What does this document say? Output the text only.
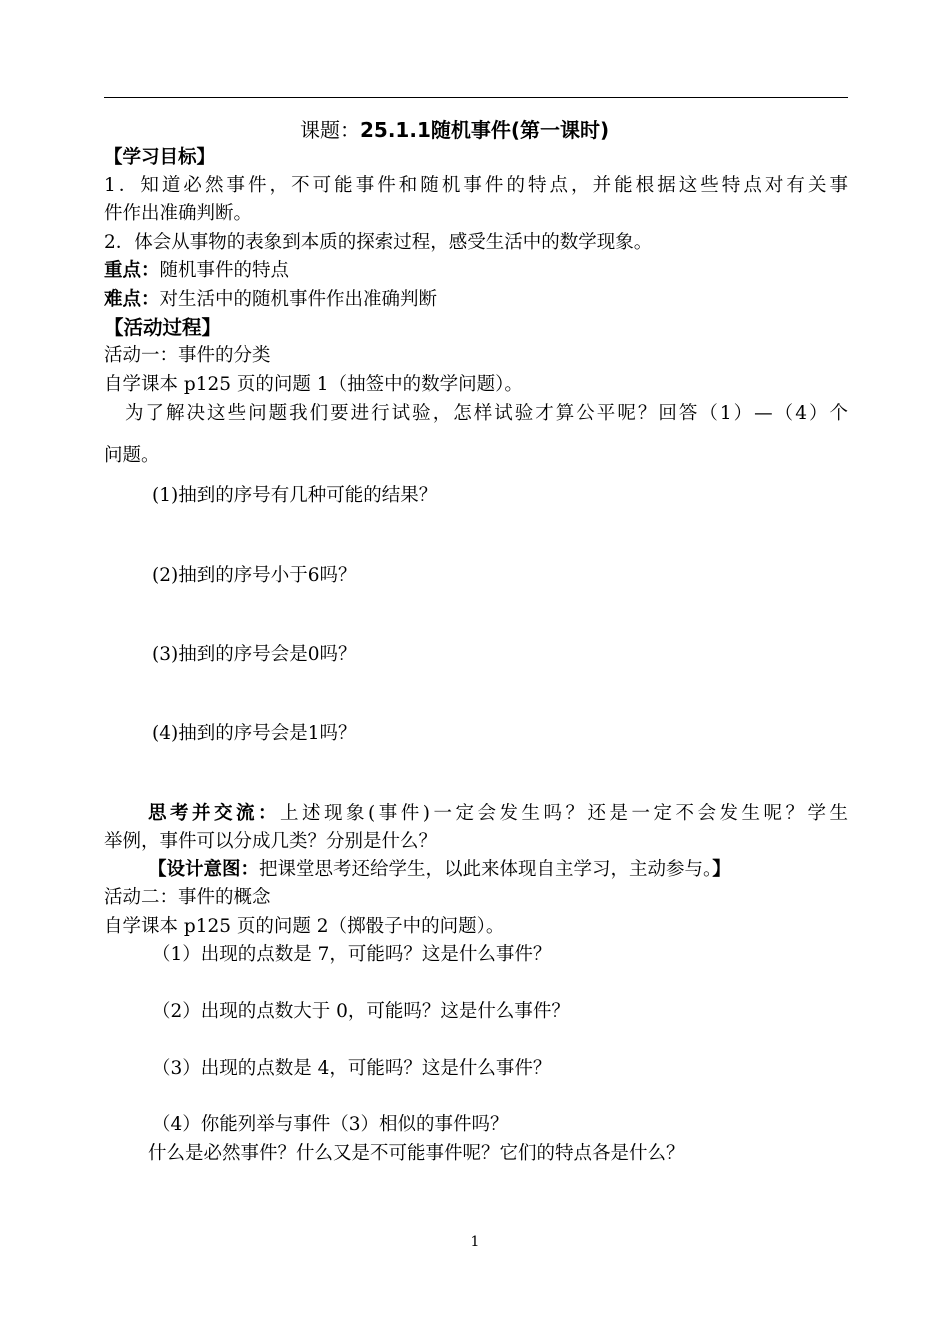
课题：25.1.1随机事件(第一课时)
【学习目标】
1．知道必然事件，不可能事件和随机事件的特点，并能根据这些特点对有关事
件作出准确判断。
2．体会从事物的表象到本质的探索过程，感受生活中的数学现象。
重点：随机事件的特点
难点：对生活中的随机事件作出准确判断
【活动过程】
活动一：事件的分类
自学课本 p125 页的问题 1（抽签中的数学问题）。
为了解决这些问题我们要进行试验，怎样试验才算公平呢？回答（1）—（4）个
问题。
(1)抽到的序号有几种可能的结果？
(2)抽到的序号小于6吗？
(3)抽到的序号会是0吗？
(4)抽到的序号会是1吗？
思考并交流：上述现象(事件)一定会发生吗？还是一定不会发生呢？学生
举例，事件可以分成几类？分别是什么？
【设计意图：把课堂思考还给学生，以此来体现自主学习，主动参与。】
活动二：事件的概念
自学课本 p125 页的问题 2（掷骰子中的问题）。
（1）出现的点数是 7，可能吗？这是什么事件？
（2）出现的点数大于 0，可能吗？这是什么事件？
（3）出现的点数是 4，可能吗？这是什么事件？
（4）你能列举与事件（3）相似的事件吗？
什么是必然事件？什么又是不可能事件呢？它们的特点各是什么？
1
